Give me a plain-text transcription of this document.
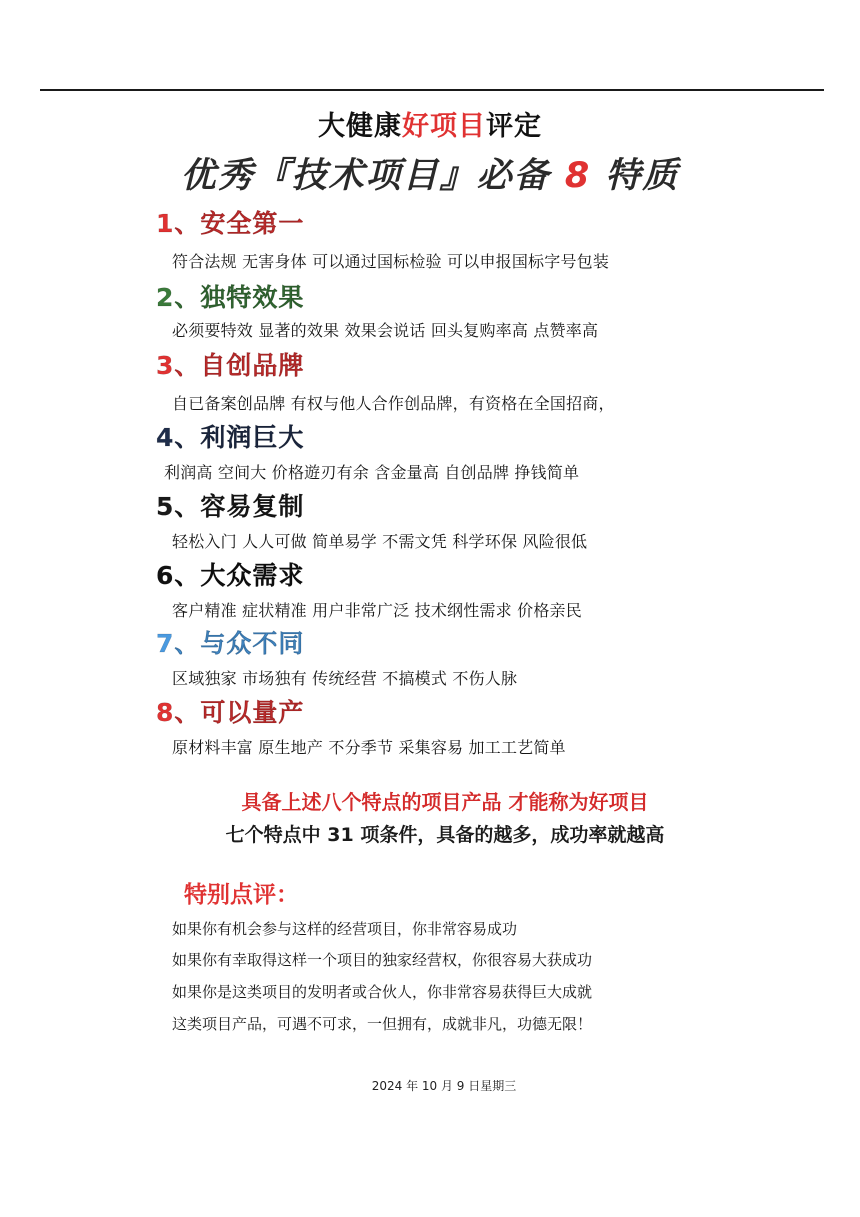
大健康好项目评定
优秀『技术项目』必备 8 特质
1、安全第一
符合法规 无害身体 可以通过国标检验 可以申报国标字号包装
2、独特效果
必须要特效 显著的效果 效果会说话 回头复购率高 点赞率高
3、自创品牌
自已备案创品牌 有权与他人合作创品牌，有资格在全国招商，
4、利润巨大
利润高 空间大 价格遊刃有余 含金量高 自创品牌 挣钱简单
5、容易复制
轻松入门 人人可做 简单易学 不需文凭 科学环保 风险很低
6、大众需求
客户精准 症状精准 用户非常广泛 技术纲性需求 价格亲民
7、与众不同
区域独家 市场独有 传统经营 不搞模式 不伤人脉
8、可以量产
原材料丰富 原生地产 不分季节 采集容易 加工工艺简单
具备上述八个特点的项目产品 才能称为好项目
七个特点中 31 项条件，具备的越多，成功率就越高
特别点评：
如果你有机会参与这样的经营项目，你非常容易成功
如果你有幸取得这样一个项目的独家经营权，你很容易大获成功
如果你是这类项目的发明者或合伙人，你非常容易获得巨大成就
这类项目产品，可遇不可求，一但拥有，成就非凡，功德无限！
2024 年 10 月 9 日星期三
